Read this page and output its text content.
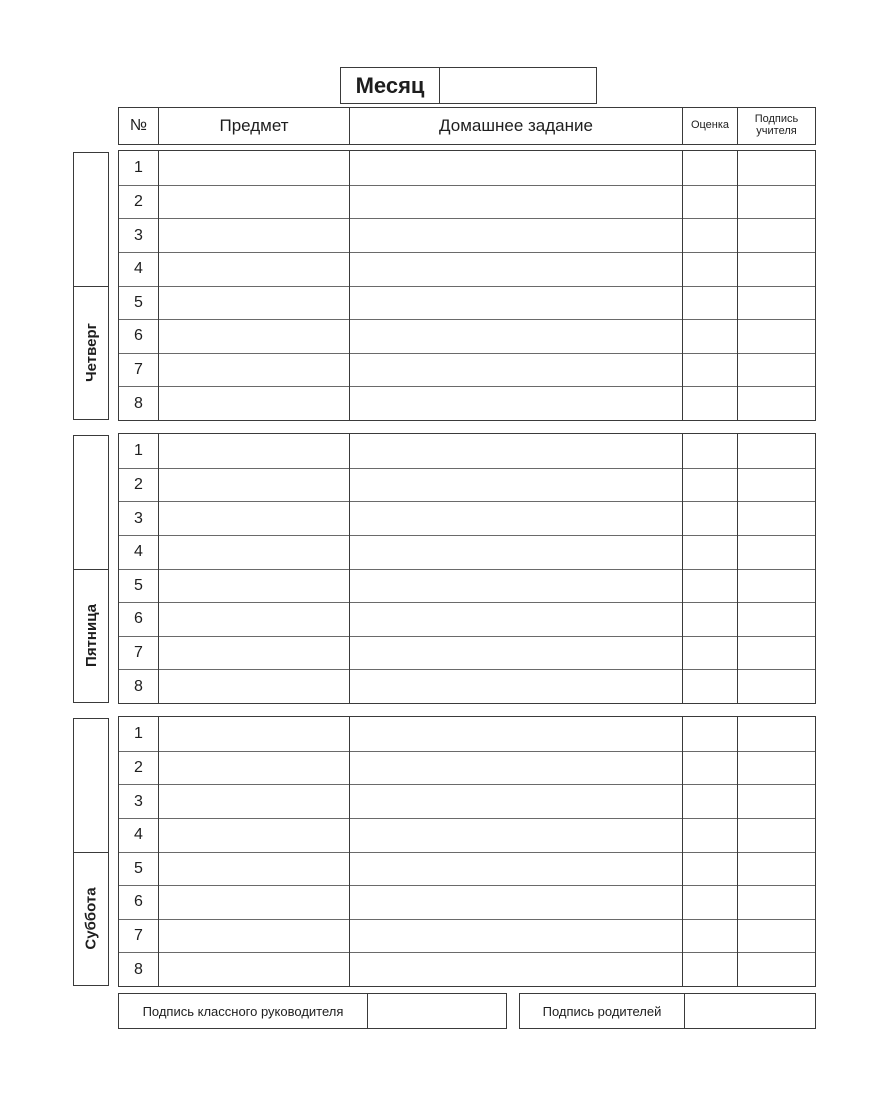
Месяц
№	Предмет	Домашнее задание	Оценка	Подпись
учителя
Четверг
1
2
3
4
5
6
7
8
Пятница
1
2
3
4
5
6
7
8
Суббота
1
2
3
4
5
6
7
8
Подпись классного руководителя	Подпись родителей
